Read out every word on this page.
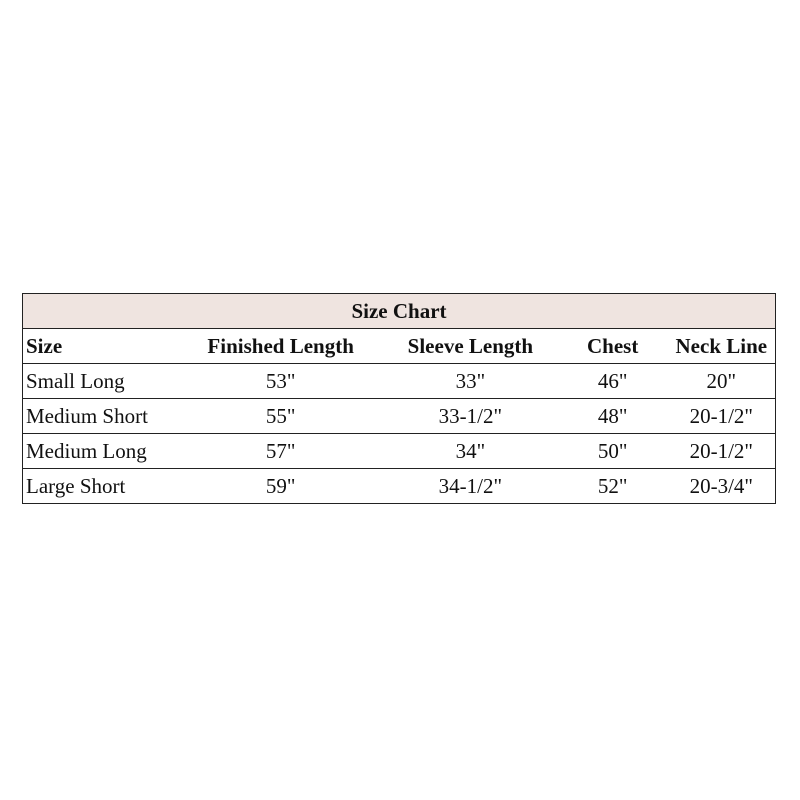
Size Chart				
Size	Finished Length	Sleeve Length	Chest	Neck Line
Small Long	53"	33"	46"	20"
Medium Short	55"	33-1/2"	48"	20-1/2"
Medium Long	57"	34"	50"	20-1/2"
Large Short	59"	34-1/2"	52"	20-3/4"
